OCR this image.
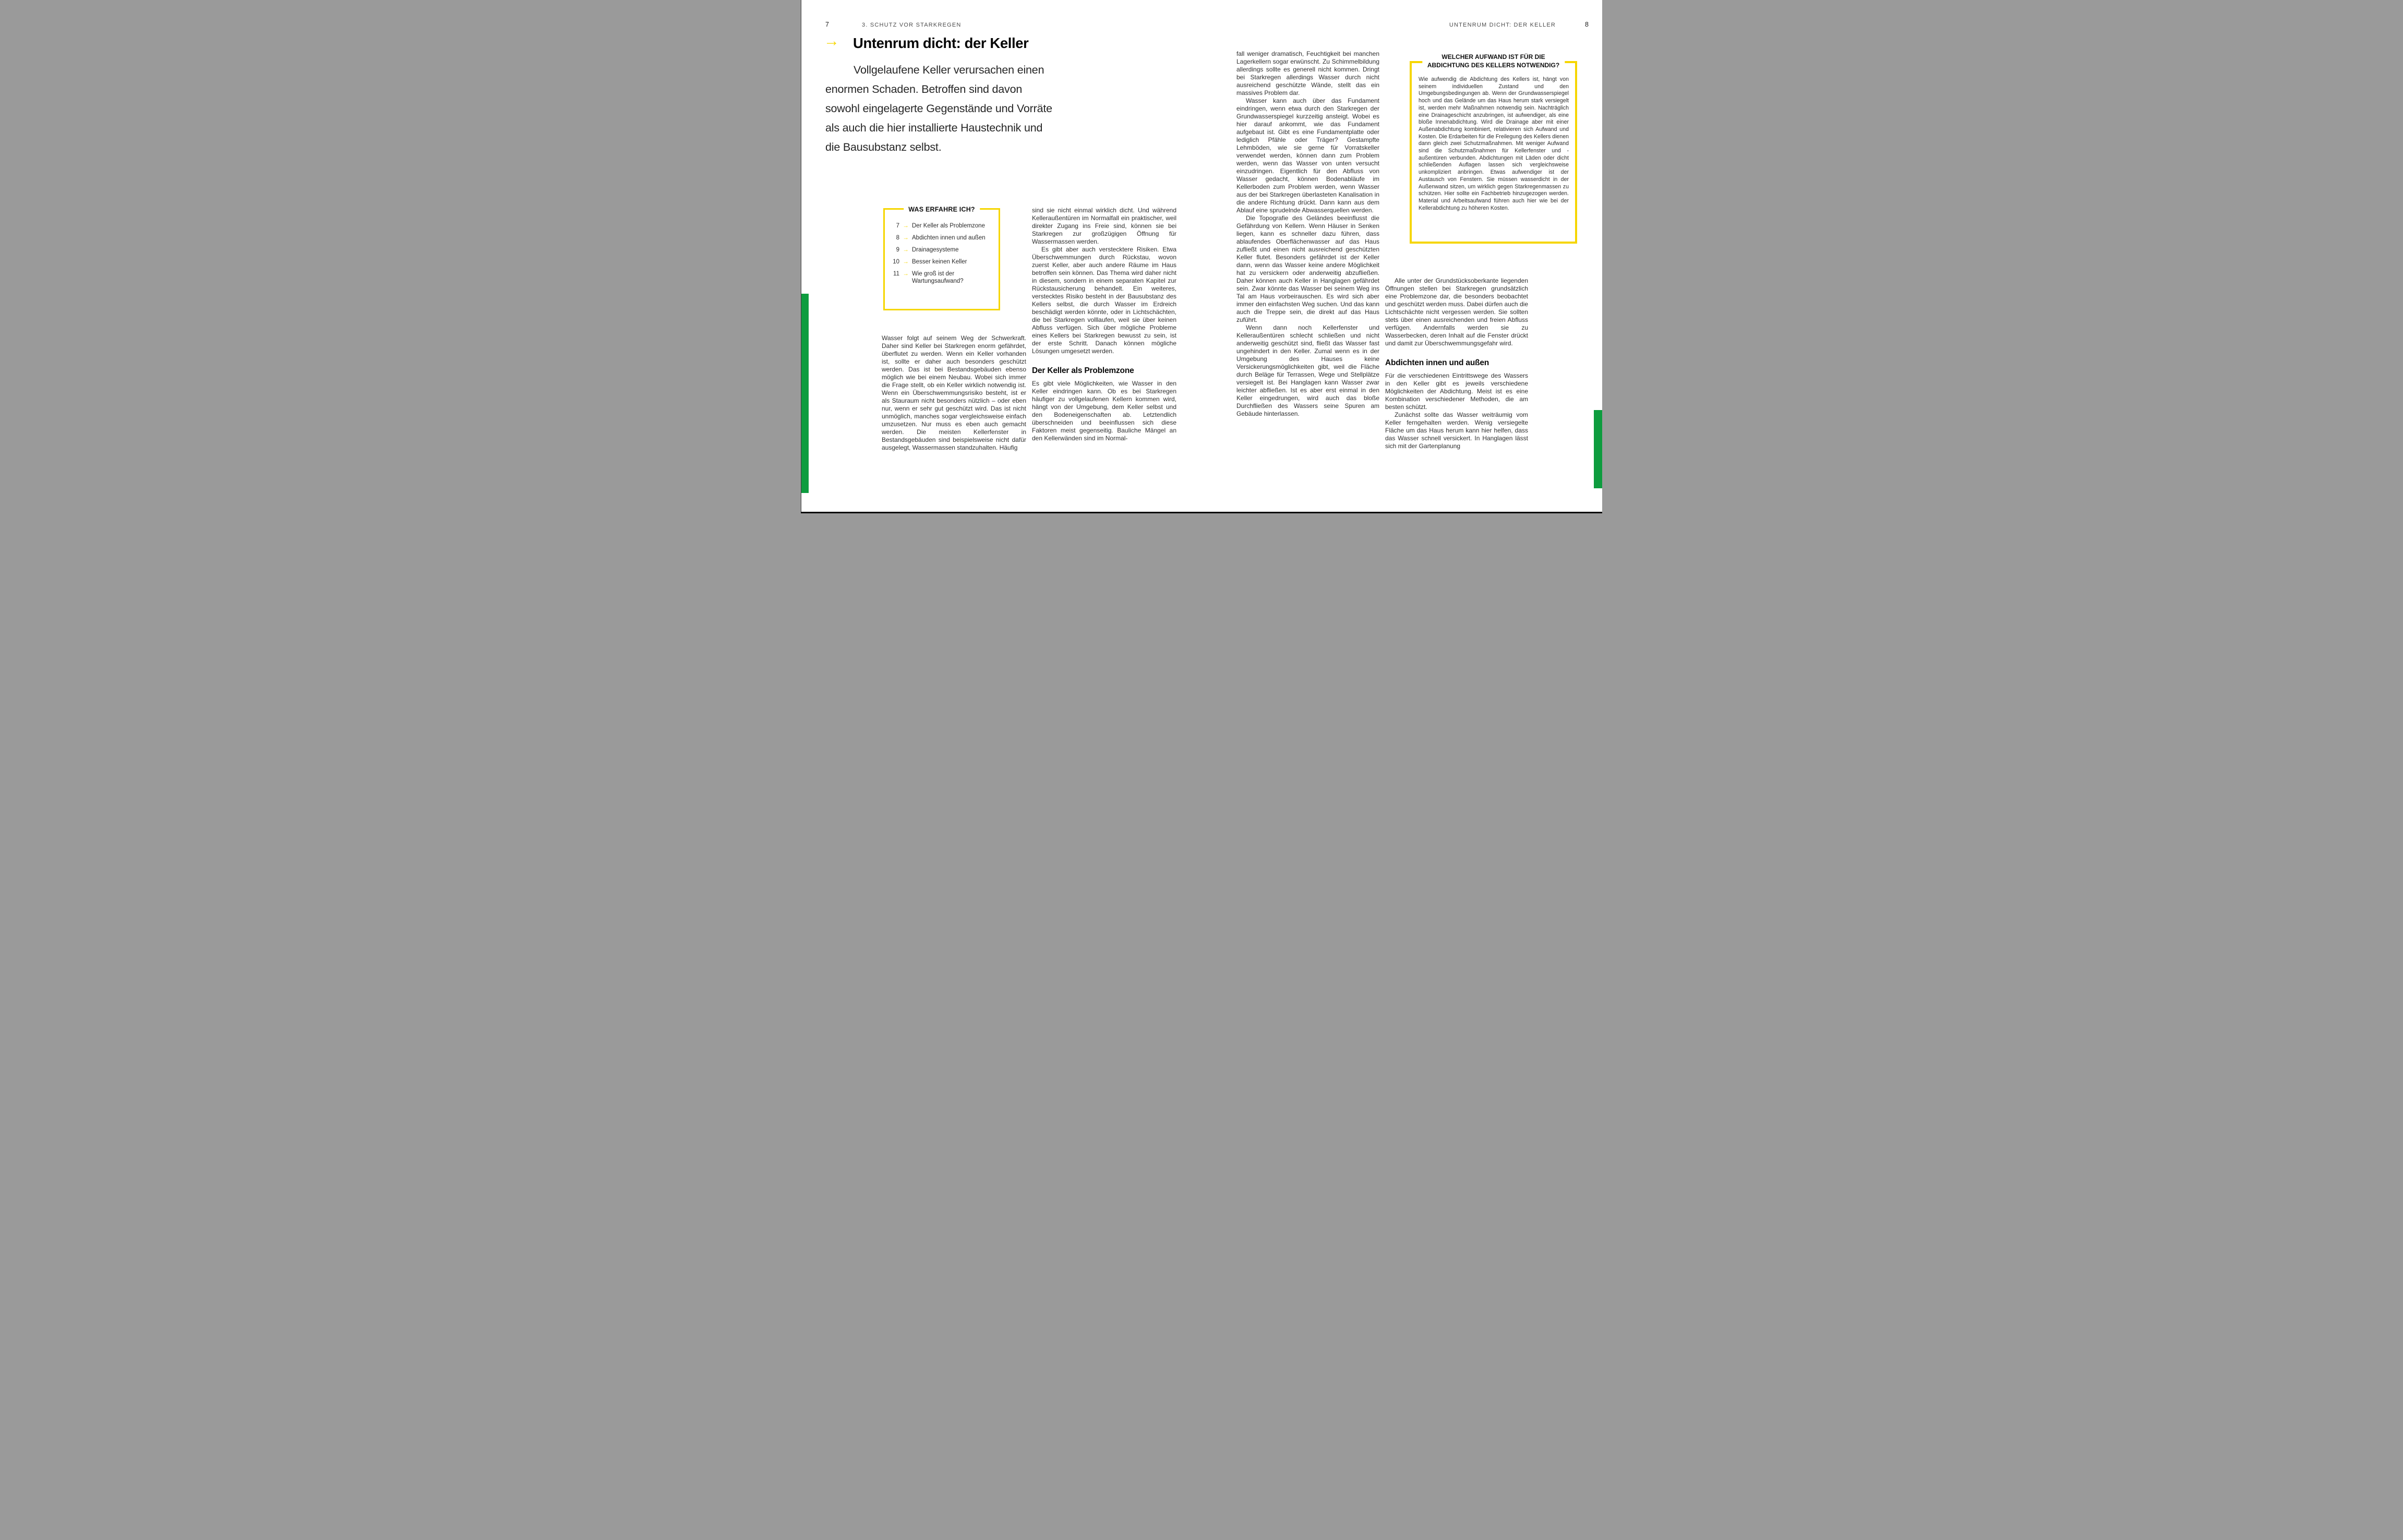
7	3. SCHUTZ VOR STARKREGEN	UNTENRUM DICHT: DER KELLER	8
→ Untenrum dicht: der Keller
Vollgelaufene Keller verursachen einen enormen Schaden. Betroffen sind davon sowohl eingelagerte Gegenstände und Vorräte als auch die hier installierte Haustechnik und die Bausubstanz selbst.
WAS ERFAHRE ICH?
7 → Der Keller als Problemzone
8 → Abdichten innen und außen
9 → Drainagesysteme
10 → Besser keinen Keller
11 → Wie groß ist der Wartungsaufwand?

Wasser folgt auf seinem Weg der Schwerkraft. Daher sind Keller bei Starkregen enorm gefährdet, überflutet zu werden. Wenn ein Keller vorhanden ist, sollte er daher auch besonders geschützt werden. Das ist bei Bestandsgebäuden ebenso möglich wie bei einem Neubau. Wobei sich immer die Frage stellt, ob ein Keller wirklich notwendig ist. Wenn ein Überschwemmungsrisiko besteht, ist er als Stauraum nicht besonders nützlich – oder eben nur, wenn er sehr gut geschützt wird. Das ist nicht unmöglich, manches sogar vergleichsweise einfach umzusetzen. Nur muss es eben auch gemacht werden. Die meisten Kellerfenster in Bestandsgebäuden sind beispielsweise nicht dafür ausgelegt, Wassermassen standzuhalten. Häufig

sind sie nicht einmal wirklich dicht. Und während Kelleraußentüren im Normalfall ein praktischer, weil direkter Zugang ins Freie sind, können sie bei Starkregen zur großzügigen Öffnung für Wassermassen werden.

Es gibt aber auch verstecktere Risiken. Etwa Überschwemmungen durch Rückstau, wovon zuerst Keller, aber auch andere Räume im Haus betroffen sein können. Das Thema wird daher nicht in diesem, sondern in einem separaten Kapitel zur Rückstausicherung behandelt. Ein weiteres, verstecktes Risiko besteht in der Bausubstanz des Kellers selbst, die durch Wasser im Erdreich beschädigt werden könnte, oder in Lichtschächten, die bei Starkregen volllaufen, weil sie über keinen Abfluss verfügen. Sich über mögliche Probleme eines Kellers bei Starkregen bewusst zu sein, ist der erste Schritt. Danach können mögliche Lösungen umgesetzt werden.

Der Keller als Problemzone

Es gibt viele Möglichkeiten, wie Wasser in den Keller eindringen kann. Ob es bei Starkregen häufiger zu vollgelaufenen Kellern kommen wird, hängt von der Umgebung, dem Keller selbst und den Bodeneigenschaften ab. Letztendlich überschneiden und beeinflussen sich diese Faktoren meist gegenseitig. Bauliche Mängel an den Kellerwänden sind im Normal-

fall weniger dramatisch, Feuchtigkeit bei manchen Lagerkellern sogar erwünscht. Zu Schimmelbildung allerdings sollte es generell nicht kommen. Dringt bei Starkregen allerdings Wasser durch nicht ausreichend geschützte Wände, stellt das ein massives Problem dar.

Wasser kann auch über das Fundament eindringen, wenn etwa durch den Starkregen der Grundwasserspiegel kurzzeitig ansteigt. Wobei es hier darauf ankommt, wie das Fundament aufgebaut ist. Gibt es eine Fundamentplatte oder lediglich Pfähle oder Träger? Gestampfte Lehmböden, wie sie gerne für Vorratskeller verwendet werden, können dann zum Problem werden, wenn das Wasser von unten versucht einzudringen. Eigentlich für den Abfluss von Wasser gedacht, können Bodenabläufe im Kellerboden zum Problem werden, wenn Wasser aus der bei Starkregen überlasteten Kanalisation in die andere Richtung drückt. Dann kann aus dem Ablauf eine sprudelnde Abwasserquellen werden.

Die Topografie des Geländes beeinflusst die Gefährdung von Kellern. Wenn Häuser in Senken liegen, kann es schneller dazu führen, dass ablaufendes Oberflächenwasser auf das Haus zufließt und einen nicht ausreichend geschützten Keller flutet. Besonders gefährdet ist der Keller dann, wenn das Wasser keine andere Möglichkeit hat zu versickern oder anderweitig abzufließen. Daher können auch Keller in Hanglagen gefährdet sein. Zwar könnte das Wasser bei seinem Weg ins Tal am Haus vorbeirauschen. Es wird sich aber immer den einfachsten Weg suchen. Und das kann auch die Treppe sein, die direkt auf das Haus zuführt.

Wenn dann noch Kellerfenster und Kelleraußentüren schlecht schließen und nicht anderweitig geschützt sind, fließt das Wasser fast ungehindert in den Keller. Zumal wenn es in der Umgebung des Hauses keine Versickerungsmöglichkeiten gibt, weil die Fläche durch Beläge für Terrassen, Wege und Stellplätze versiegelt ist. Bei Hanglagen kann Wasser zwar leichter abfließen. Ist es aber erst einmal in den Keller eingedrungen, wird auch das bloße Durchfließen des Wassers seine Spuren am Gebäude hinterlassen.

WELCHER AUFWAND IST FÜR DIE
ABDICHTUNG DES KELLERS NOTWENDIG?
Wie aufwendig die Abdichtung des Kellers ist, hängt von seinem individuellen Zustand und den Umgebungsbedingungen ab. Wenn der Grundwasserspiegel hoch und das Gelände um das Haus herum stark versiegelt ist, werden mehr Maßnahmen notwendig sein. Nachträglich eine Drainageschicht anzubringen, ist aufwendiger, als eine bloße Innenabdichtung. Wird die Drainage aber mit einer Außenabdichtung kombiniert, relativieren sich Aufwand und Kosten. Die Erdarbeiten für die Freilegung des Kellers dienen dann gleich zwei Schutzmaßnahmen. Mit weniger Aufwand sind die Schutzmaßnahmen für Kellerfenster und -außentüren verbunden. Abdichtungen mit Läden oder dicht schließenden Auflagen lassen sich vergleichsweise unkompliziert anbringen. Etwas aufwendiger ist der Austausch von Fenstern. Sie müssen wasserdicht in der Außenwand sitzen, um wirklich gegen Starkregenmassen zu schützen. Hier sollte ein Fachbetrieb hinzugezogen werden. Material und Arbeitsaufwand führen auch hier wie bei der Kellerabdichtung zu höheren Kosten.

Alle unter der Grundstücksoberkante liegenden Öffnungen stellen bei Starkregen grundsätzlich eine Problemzone dar, die besonders beobachtet und geschützt werden muss. Dabei dürfen auch die Lichtschächte nicht vergessen werden. Sie sollten stets über einen ausreichenden und freien Abfluss verfügen. Andernfalls werden sie zu Wasserbecken, deren Inhalt auf die Fenster drückt und damit zur Überschwemmungsgefahr wird.

Abdichten innen und außen

Für die verschiedenen Eintrittswege des Wassers in den Keller gibt es jeweils verschiedene Möglichkeiten der Abdichtung. Meist ist es eine Kombination verschiedener Methoden, die am besten schützt.

Zunächst sollte das Wasser weiträumig vom Keller ferngehalten werden. Wenig versiegelte Fläche um das Haus herum kann hier helfen, dass das Wasser schnell versickert. In Hanglagen lässt sich mit der Gartenplanung
